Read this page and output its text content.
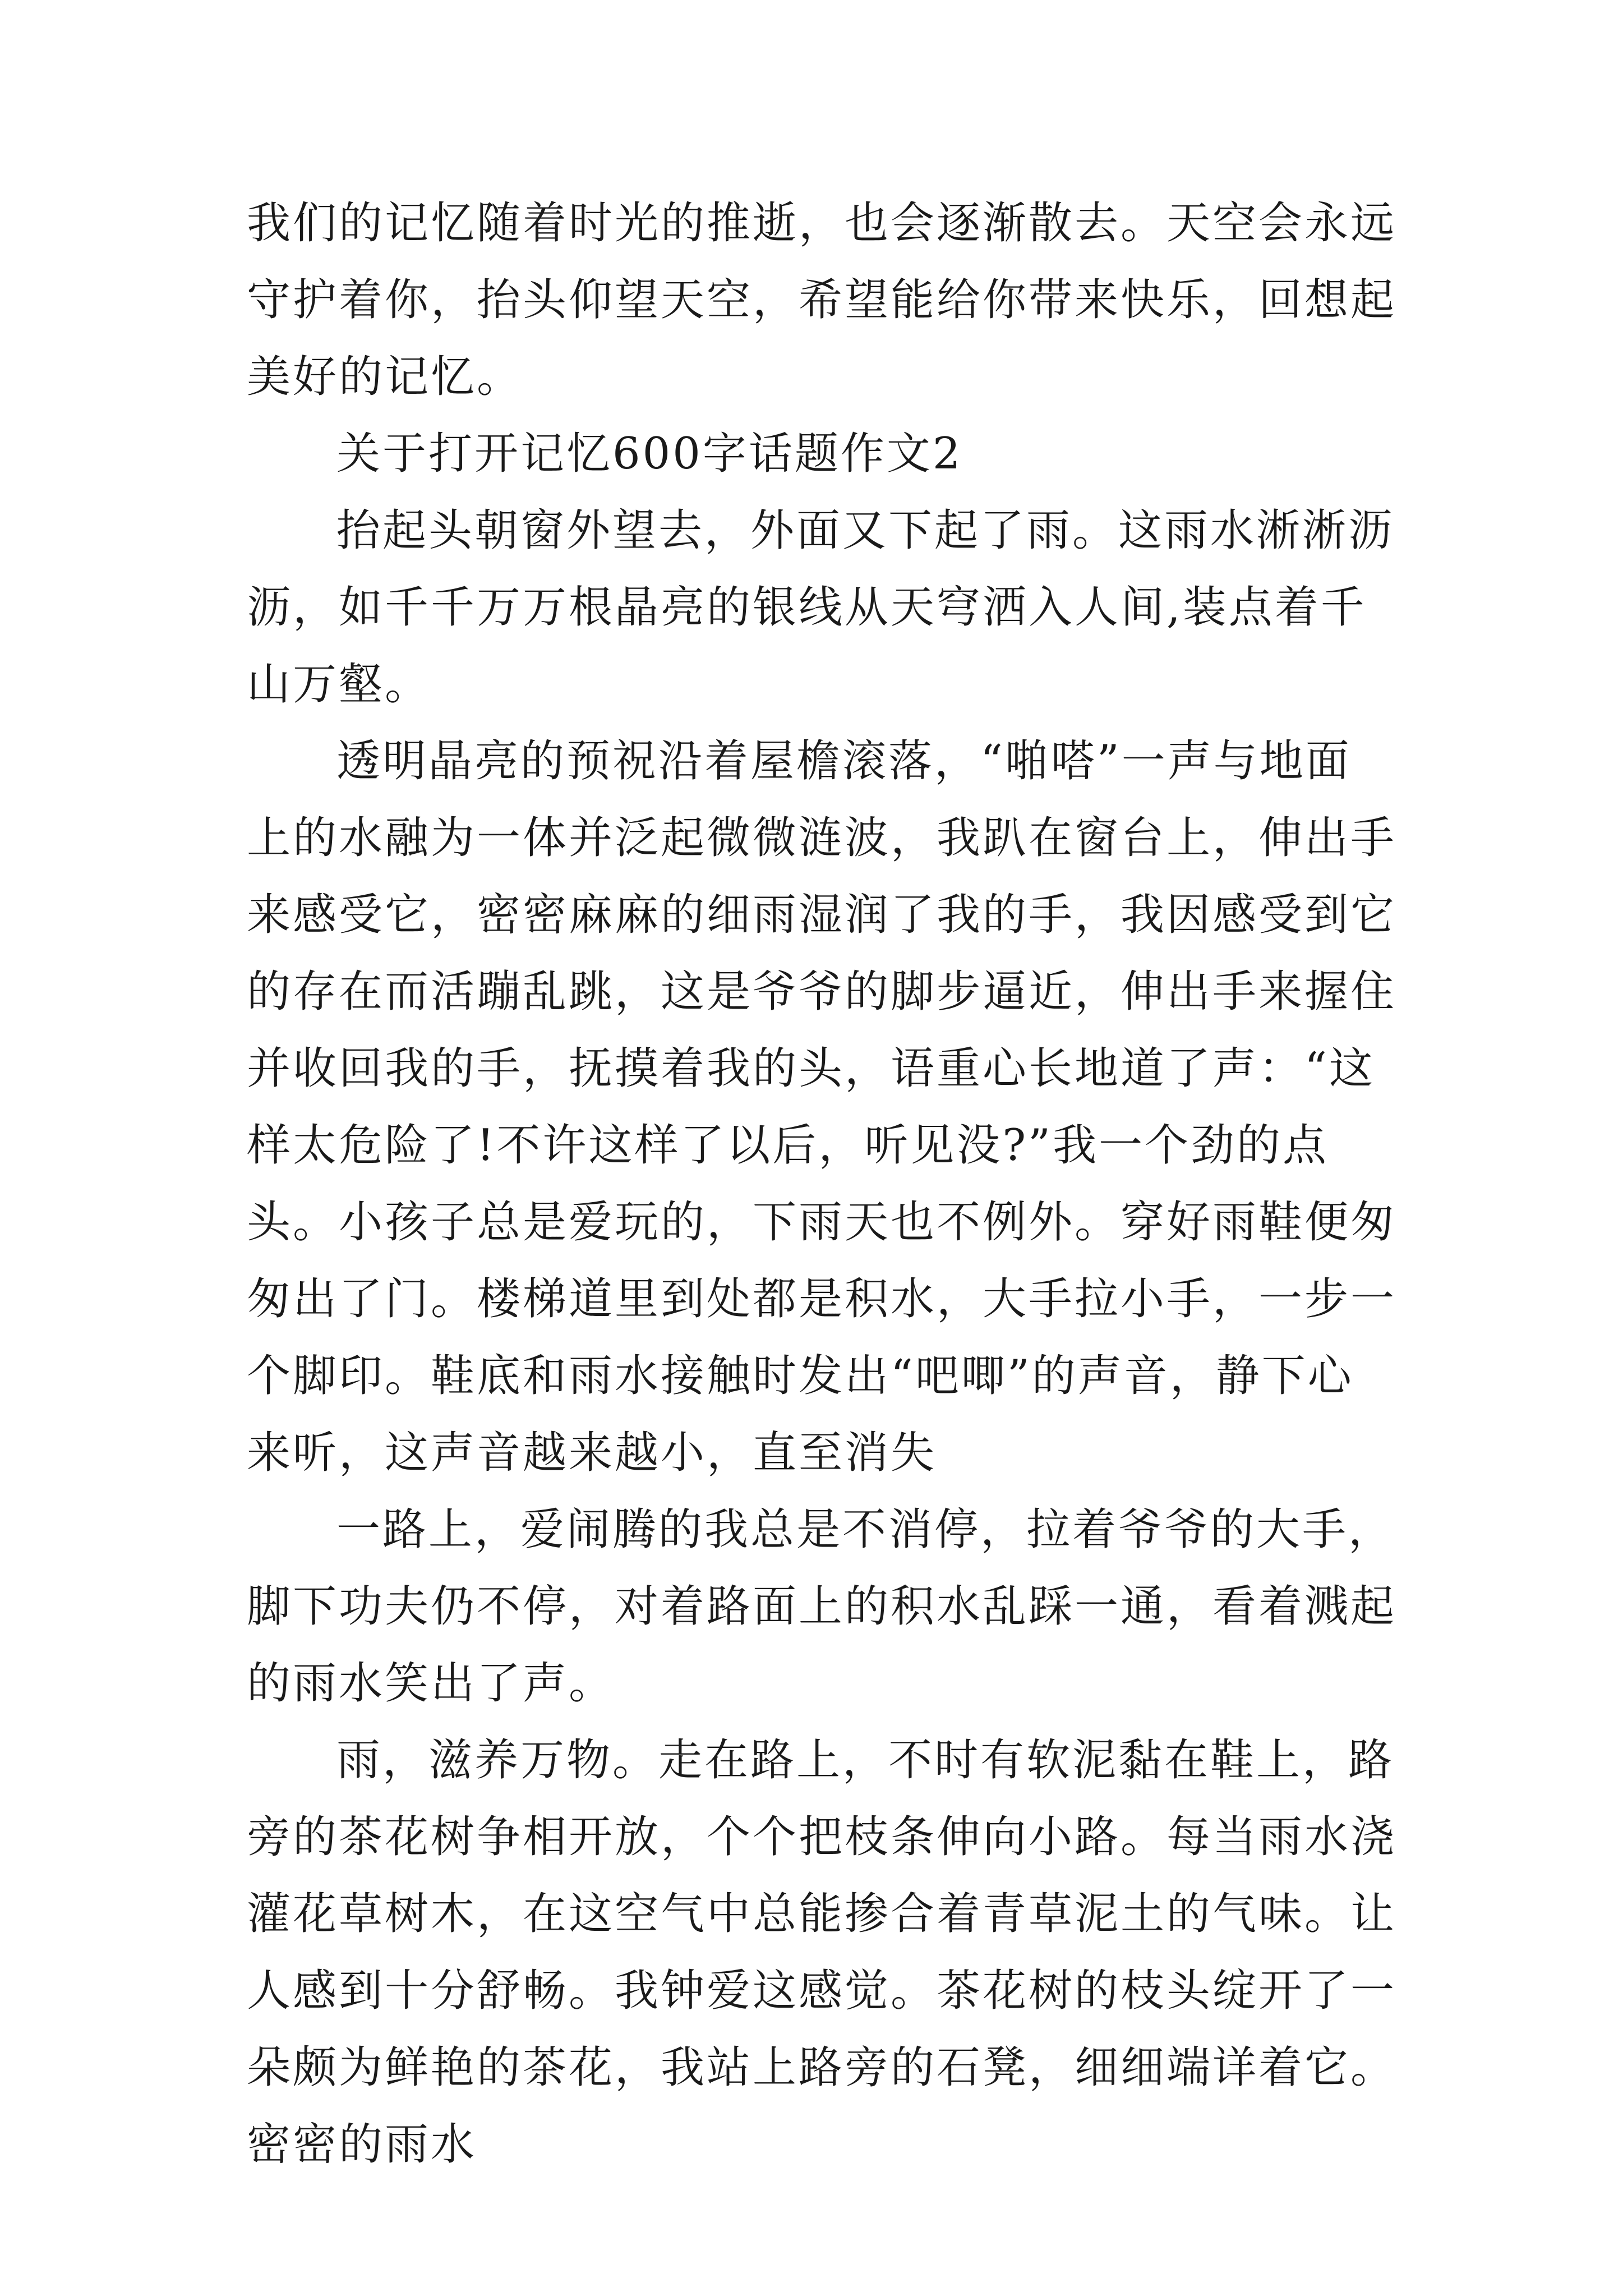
我们的记忆随着时光的推逝，也会逐渐散去。天空会永远守护着你，抬头仰望天空，希望能给你带来快乐，回想起美好的记忆。

关于打开记忆600字话题作文2

抬起头朝窗外望去，外面又下起了雨。这雨水淅淅沥沥，如千千万万根晶亮的银线从天穹洒入人间,装点着千山万壑。

透明晶亮的预祝沿着屋檐滚落，“啪嗒”一声与地面上的水融为一体并泛起微微涟波，我趴在窗台上，伸出手来感受它，密密麻麻的细雨湿润了我的手，我因感受到它的存在而活蹦乱跳，这是爷爷的脚步逼近，伸出手来握住并收回我的手，抚摸着我的头，语重心长地道了声：“这样太危险了!不许这样了以后，听见没?”我一个劲的点头。小孩子总是爱玩的，下雨天也不例外。穿好雨鞋便匆匆出了门。楼梯道里到处都是积水，大手拉小手，一步一个脚印。鞋底和雨水接触时发出“吧唧”的声音，静下心来听，这声音越来越小，直至消失

一路上，爱闹腾的我总是不消停，拉着爷爷的大手，脚下功夫仍不停，对着路面上的积水乱踩一通，看着溅起的雨水笑出了声。

雨，滋养万物。走在路上，不时有软泥黏在鞋上，路旁的茶花树争相开放，个个把枝条伸向小路。每当雨水浇灌花草树木，在这空气中总能掺合着青草泥土的气味。让人感到十分舒畅。我钟爱这感觉。茶花树的枝头绽开了一朵颇为鲜艳的茶花，我站上路旁的石凳，细细端详着它。密密的雨水
